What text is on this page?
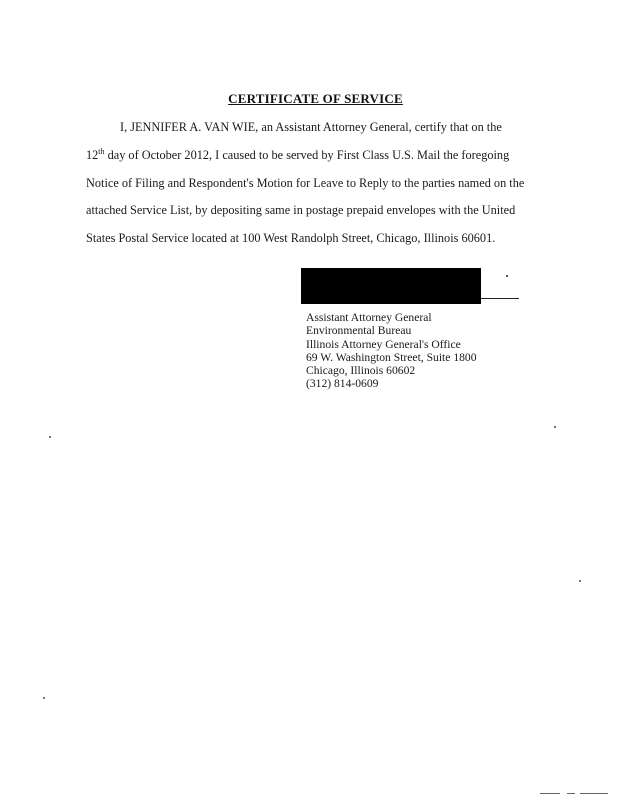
CERTIFICATE OF SERVICE
I, JENNIFER A. VAN WIE, an Assistant Attorney General, certify that on the
12th day of October 2012, I caused to be served by First Class U.S. Mail the foregoing
Notice of Filing and Respondent's Motion for Leave to Reply to the parties named on the
attached Service List, by depositing same in postage prepaid envelopes with the United
States Postal Service located at 100 West Randolph Street, Chicago, Illinois 60601.
Assistant Attorney General
Environmental Bureau
Illinois Attorney General's Office
69 W. Washington Street, Suite 1800
Chicago, Illinois 60602
(312) 814-0609
